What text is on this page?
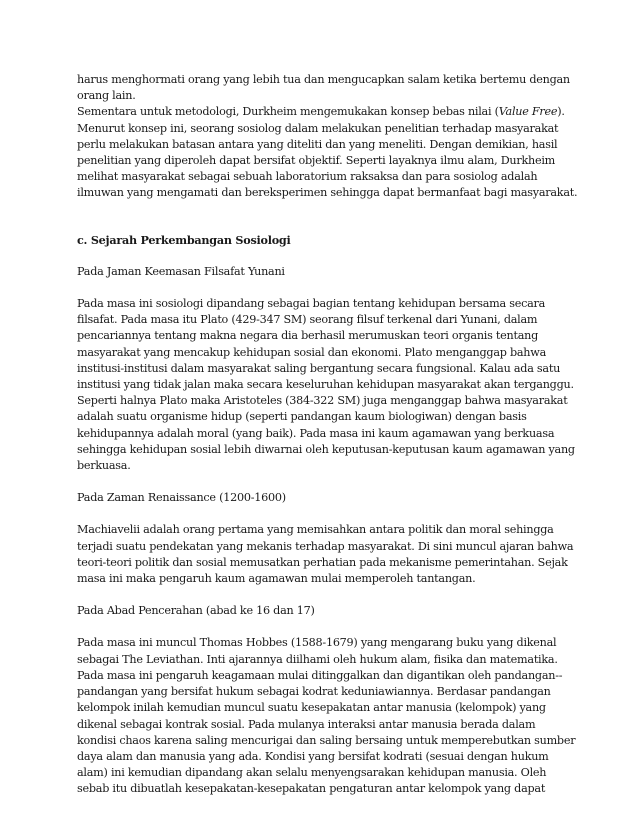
harus menghormati orang yang lebih tua dan mengucapkan salam ketika bertemu dengan
orang lain.
Sementara untuk metodologi, Durkheim mengemukakan konsep bebas nilai (Value Free).
Menurut konsep ini, seorang sosiolog dalam melakukan penelitian terhadap masyarakat
perlu melakukan batasan antara yang diteliti dan yang meneliti. Dengan demikian, hasil
penelitian yang diperoleh dapat bersifat objektif. Seperti layaknya ilmu alam, Durkheim
melihat masyarakat sebagai sebuah laboratorium raksaksa dan para sosiolog adalah
ilmuwan yang mengamati dan bereksperimen sehingga dapat bermanfaat bagi masyarakat.
c. Sejarah Perkembangan Sosiologi
Pada Jaman Keemasan Filsafat Yunani
Pada masa ini sosiologi dipandang sebagai bagian tentang kehidupan bersama secara
filsafat. Pada masa itu Plato (429-347 SM) seorang filsuf terkenal dari Yunani, dalam
pencariannya tentang makna negara dia berhasil merumuskan teori organis tentang
masyarakat yang mencakup kehidupan sosial dan ekonomi. Plato menganggap bahwa
institusi-institusi dalam masyarakat saling bergantung secara fungsional. Kalau ada satu
institusi yang tidak jalan maka secara keseluruhan kehidupan masyarakat akan terganggu.
Seperti halnya Plato maka Aristoteles (384-322 SM) juga menganggap bahwa masyarakat
adalah suatu organisme hidup (seperti pandangan kaum biologiwan) dengan basis
kehidupannya adalah moral (yang baik). Pada masa ini kaum agamawan yang berkuasa
sehingga kehidupan sosial lebih diwarnai oleh keputusan-keputusan kaum agamawan yang
berkuasa.
Pada Zaman Renaissance (1200-1600)
Machiavelii adalah orang pertama yang memisahkan antara politik dan moral sehingga
terjadi suatu pendekatan yang mekanis terhadap masyarakat. Di sini muncul ajaran bahwa
teori-teori politik dan sosial memusatkan perhatian pada mekanisme pemerintahan. Sejak
masa ini maka pengaruh kaum agamawan mulai memperoleh tantangan.
Pada Abad Pencerahan (abad ke 16 dan 17)
Pada masa ini muncul Thomas Hobbes (1588-1679) yang mengarang buku yang dikenal
sebagai The Leviathan. Inti ajarannya diilhami oleh hukum alam, fisika dan matematika.
Pada masa ini pengaruh keagamaan mulai ditinggalkan dan digantikan oleh pandangan--
pandangan yang bersifat hukum sebagai kodrat keduniawiannya. Berdasar pandangan
kelompok inilah kemudian muncul suatu kesepakatan antar manusia (kelompok) yang
dikenal sebagai kontrak sosial. Pada mulanya interaksi antar manusia berada dalam
kondisi chaos karena saling mencurigai dan saling bersaing untuk memperebutkan sumber
daya alam dan manusia yang ada. Kondisi yang bersifat kodrati (sesuai dengan hukum
alam) ini kemudian dipandang akan selalu menyengsarakan kehidupan manusia. Oleh
sebab itu dibuatlah kesepakatan-kesepakatan pengaturan antar kelompok yang dapat
